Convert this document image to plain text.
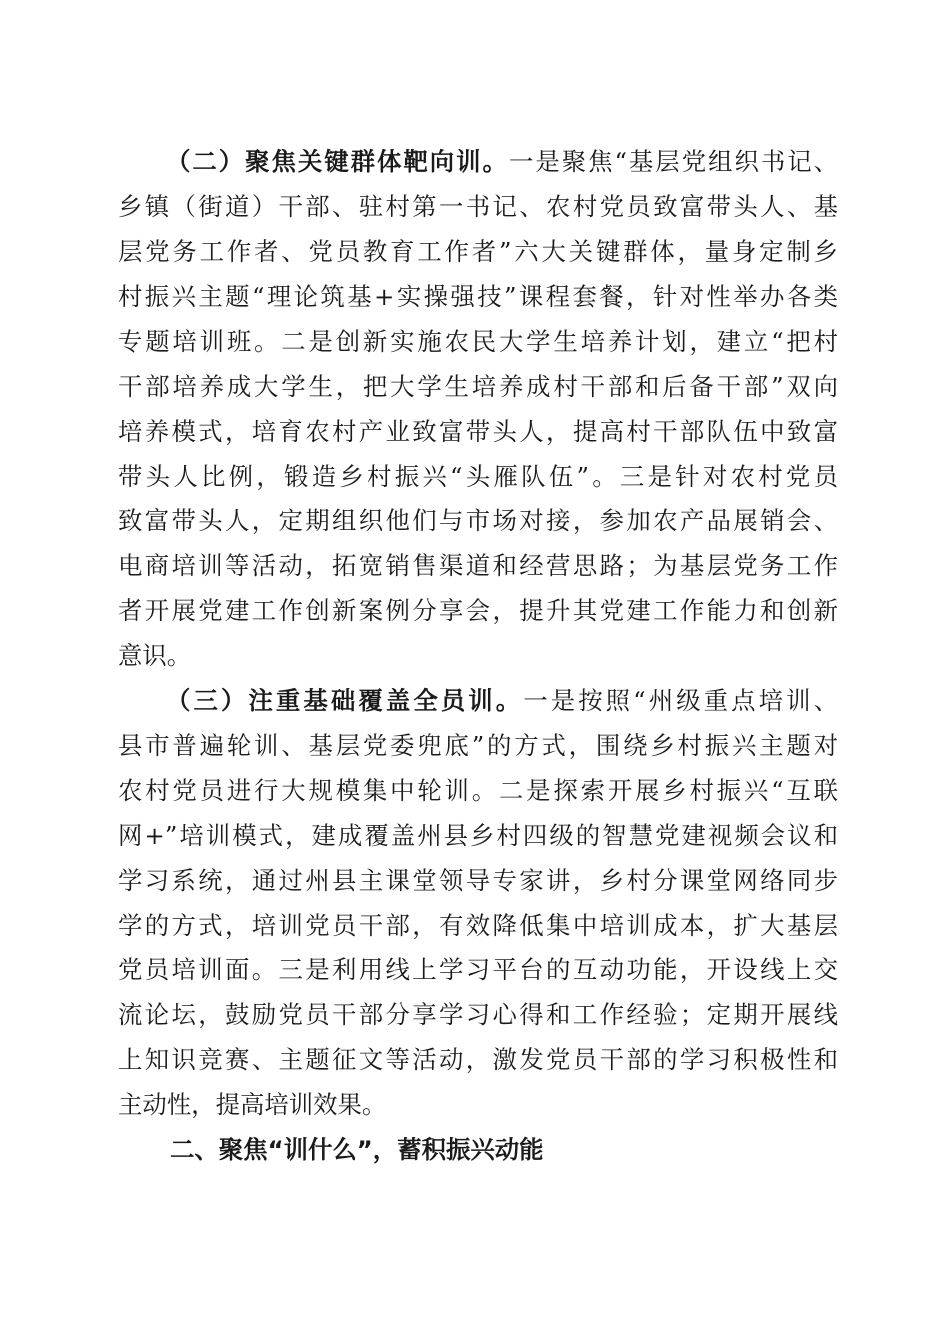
（二）聚焦关键群体靶向训。一是聚焦“基层党组织书记、
乡镇（街道）干部、驻村第一书记、农村党员致富带头人、基
层党务工作者、党员教育工作者”六大关键群体，量身定制乡
村振兴主题“理论筑基+实操强技”课程套餐，针对性举办各类
专题培训班。二是创新实施农民大学生培养计划，建立“把村
干部培养成大学生，把大学生培养成村干部和后备干部”双向
培养模式，培育农村产业致富带头人，提高村干部队伍中致富
带头人比例，锻造乡村振兴“头雁队伍”。三是针对农村党员
致富带头人，定期组织他们与市场对接，参加农产品展销会、
电商培训等活动，拓宽销售渠道和经营思路；为基层党务工作
者开展党建工作创新案例分享会，提升其党建工作能力和创新
意识。
（三）注重基础覆盖全员训。一是按照“州级重点培训、
县市普遍轮训、基层党委兜底”的方式，围绕乡村振兴主题对
农村党员进行大规模集中轮训。二是探索开展乡村振兴“互联
网+”培训模式，建成覆盖州县乡村四级的智慧党建视频会议和
学习系统，通过州县主课堂领导专家讲，乡村分课堂网络同步
学的方式，培训党员干部，有效降低集中培训成本，扩大基层
党员培训面。三是利用线上学习平台的互动功能，开设线上交
流论坛，鼓励党员干部分享学习心得和工作经验；定期开展线
上知识竞赛、主题征文等活动，激发党员干部的学习积极性和
主动性，提高培训效果。
二、聚焦“训什么”，蓄积振兴动能
